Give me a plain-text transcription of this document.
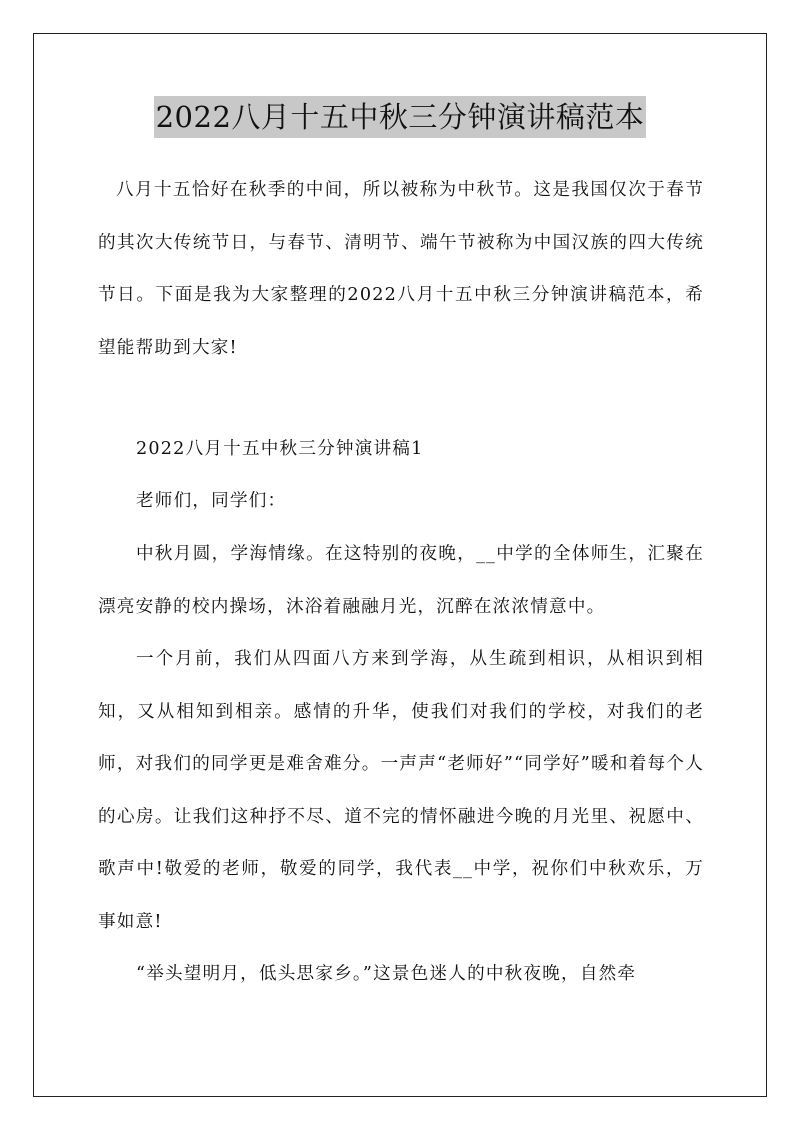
2022八月十五中秋三分钟演讲稿范本

八月十五恰好在秋季的中间，所以被称为中秋节。这是我国仅次于春节的其次大传统节日，与春节、清明节、端午节被称为中国汉族的四大传统节日。下面是我为大家整理的2022八月十五中秋三分钟演讲稿范本，希望能帮助到大家!

2022八月十五中秋三分钟演讲稿1

老师们，同学们：

中秋月圆，学海情缘。在这特别的夜晚，__中学的全体师生，汇聚在漂亮安静的校内操场，沐浴着融融月光，沉醉在浓浓情意中。

一个月前，我们从四面八方来到学海，从生疏到相识，从相识到相知，又从相知到相亲。感情的升华，使我们对我们的学校，对我们的老师，对我们的同学更是难舍难分。一声声“老师好”“同学好”暖和着每个人的心房。让我们这种抒不尽、道不完的情怀融进今晚的月光里、祝愿中、歌声中!敬爱的老师，敬爱的同学，我代表__中学，祝你们中秋欢乐，万事如意!

“举头望明月，低头思家乡。”这景色迷人的中秋夜晚，自然牵
